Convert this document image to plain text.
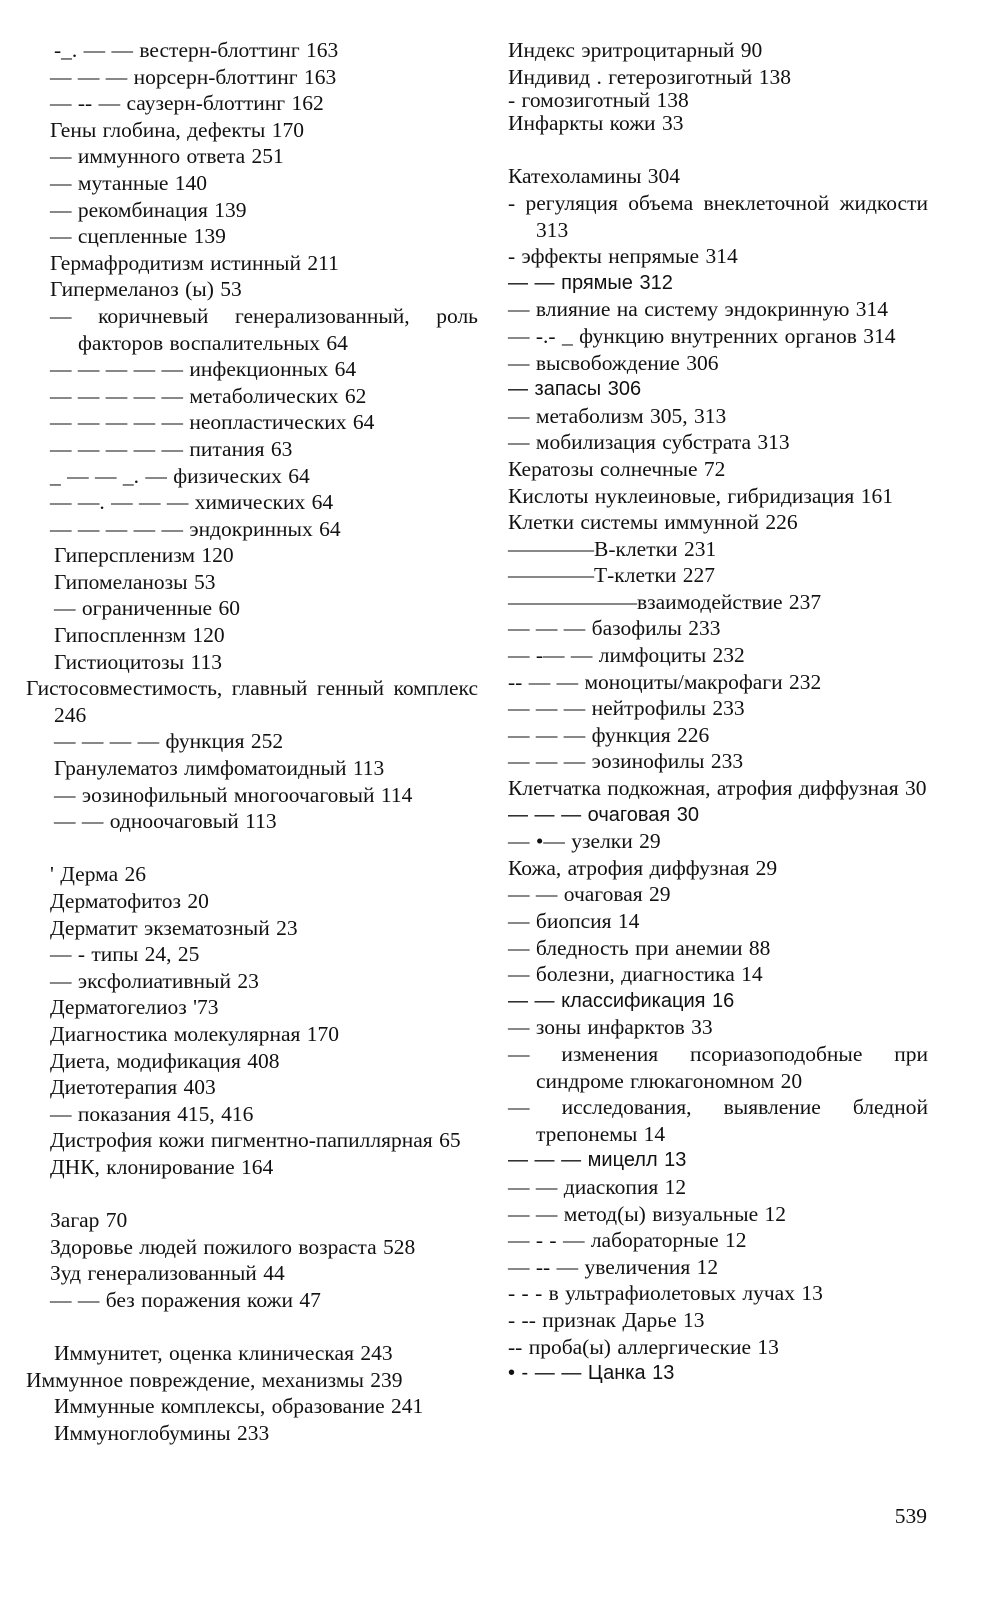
-_. — — вестерн-блоттинг 163
— — — норсерн-блоттинг 163
— -- — саузерн-блоттинг 162
Гены глобина, дефекты 170
— иммунного ответа 251
— мутанные 140
— рекомбинация 139
— сцепленные 139
Гермафродитизм истинный 211
Гипермеланоз (ы) 53
— коричневый генерализованный, роль факторов воспалительных 64
— — — — — инфекционных 64
— — — — — метаболических 62
— — — — — неопластических 64
— — — — — питания 63
_ — — _. — физических 64
— —. — — — химических 64
— — — — — эндокринных 64
Гиперспленизм 120
Гипомеланозы 53
— ограниченные 60
Гипоспленнзм 120
Гистиоцитозы 113
Гистосовместимость, главный генный комплекс 246
— — — — функция 252
Гранулематоз лимфоматоидный 113
— эозинофильный многоочаговый 114
— — одноочаговый 113
' Дерма 26
Дерматофитоз 20
Дерматит экзематозный 23
— - типы 24, 25
— эксфолиативный 23
Дерматогелиоз '73
Диагностика молекулярная 170
Диета, модификация 408
Диетотерапия 403
— показания 415, 416
Дистрофия кожи пигментно-папиллярная 65
ДНК, клонирование 164
Загар 70
Здоровье людей пожилого возраста 528
Зуд генерализованный 44
— — без поражения кожи 47
Иммунитет, оценка клиническая 243
Иммунное повреждение, механизмы 239
Иммунные комплексы, образование 241
Иммуноглобумины 233
Индекс эритроцитарный 90
Индивид . гетерозиготный 138
- гомозиготный 138
Инфаркты кожи 33
Катехоламины 304
- регуляция объема внеклеточной жидкости 313
- эффекты непрямые 314
— — прямые 312
— влияние на систему эндокринную 314
— -.- _ функцию внутренних органов 314
— высвобождение 306
— запасы 306
— метаболизм 305, 313
— мобилизация субстрата 313
Кератозы солнечные 72
Кислоты нуклеиновые, гибридизация 161
Клетки системы иммунной 226
————В-клетки 231
————Т-клетки 227
——————взаимодействие 237
— — — базофилы 233
— -— — лимфоциты 232
-- — — моноциты/макрофаги 232
— — — нейтрофилы 233
— — — функция 226
— — — эозинофилы 233
Клетчатка подкожная, атрофия диффузная 30
— — — очаговая 30
— •— узелки 29
Кожа, атрофия диффузная 29
— — очаговая 29
— биопсия 14
— бледность при анемии 88
— болезни, диагностика 14
— — классификация 16
— зоны инфарктов 33
— изменения псориазоподобные при синдроме глюкагономном 20
— исследования, выявление бледной трепонемы 14
— — — мицелл 13
— — диаскопия 12
— — метод(ы) визуальные 12
— - - — лабораторные 12
— -- — увеличения 12
- - - в ультрафиолетовых лучах 13
- -- признак Дарье 13
-- проба(ы) аллергические 13
• - — — Цанка 13
539
